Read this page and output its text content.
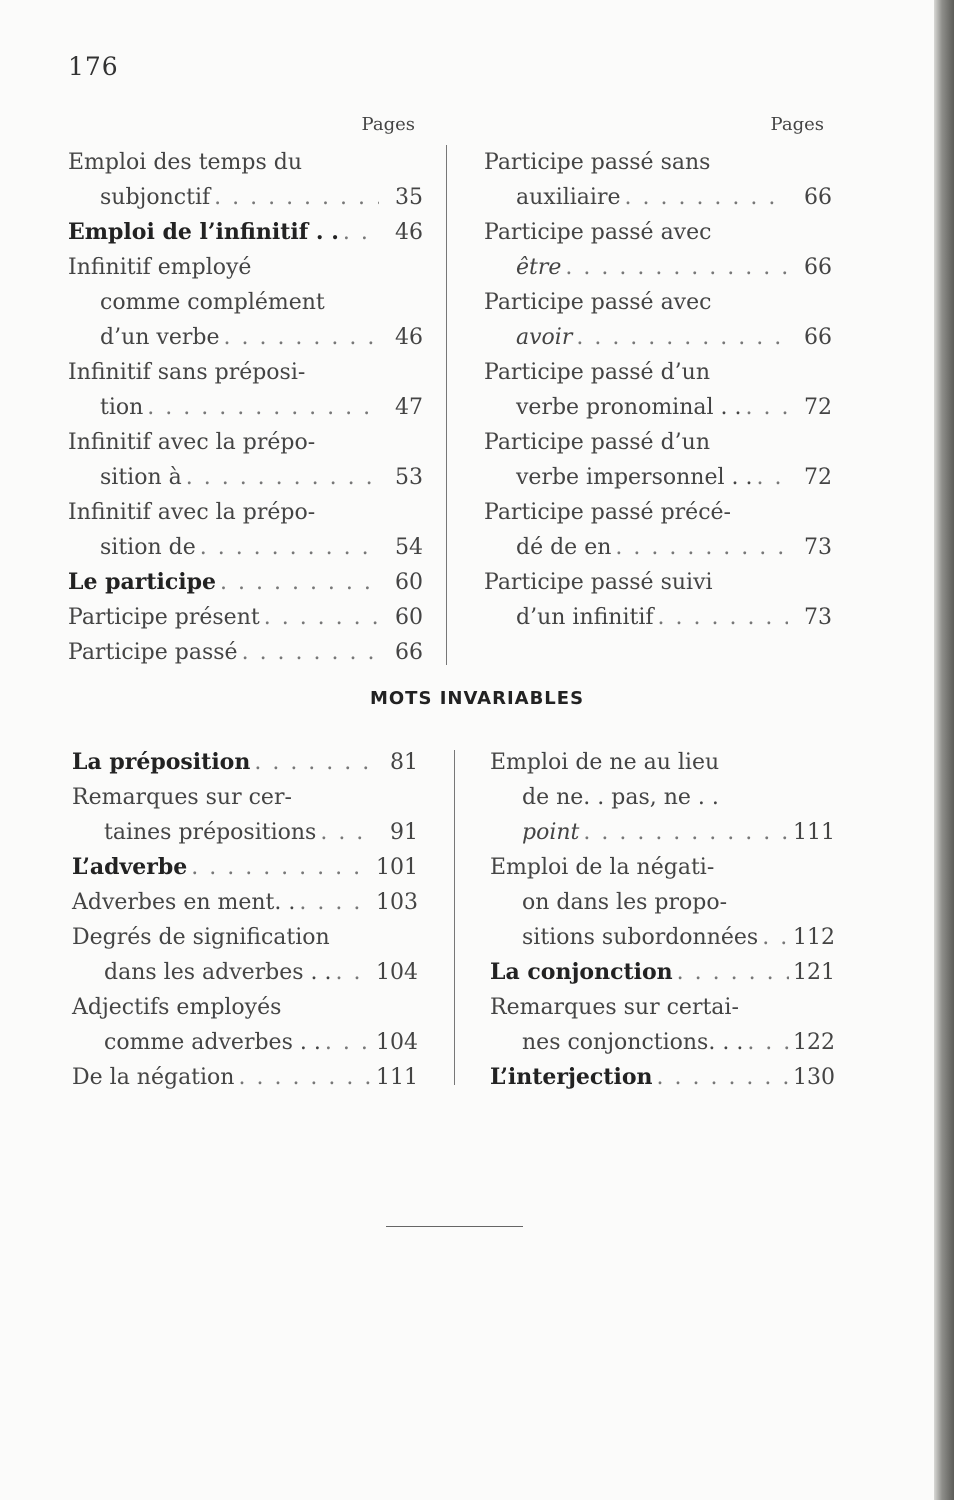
176
Pages
Emploi des temps du
subjonctif . . .	35
Emploi de l’infinitif . . . . .	46
Infinitif employé
comme complément
d’un verbe . . .	46
Infinitif sans préposi-
tion . . .	47
Infinitif avec la prépo-
sition à . . .	53
Infinitif avec la prépo-
sition de . . .	54
Le participe . . .	60
Participe présent . . .	60
Participe passé . . .	66
Pages
Participe passé sans
auxiliaire . . .	66
Participe passé avec
être . . .	66
Participe passé avec
avoir . . .	66
Participe passé d’un
verbe pronominal . . . . .	72
Participe passé d’un
verbe impersonnel . . . . .	72
Participe passé précé-
dé de en . . .	73
Participe passé suivi
d’un infinitif . . .	73
MOTS INVARIABLES
La préposition . . .	81
Remarques sur cer-
taines prépositions . . .	91
L’adverbe . . .	101
Adverbes en ment. . . . .	103
Degrés de signification
dans les adverbes . . . . . 104
Adjectifs employés
comme adverbes . . . . .	104
De la négation . . .	111
Emploi de ne au lieu
de ne. . pas, ne . .
point . . .	111
Emploi de la négati-
on dans les propo-
sitions subordonnées . . . 112
La conjonction . . .	121
Remarques sur certai-
nes conjonctions. . . . . . 122
L’interjection . . .	130
